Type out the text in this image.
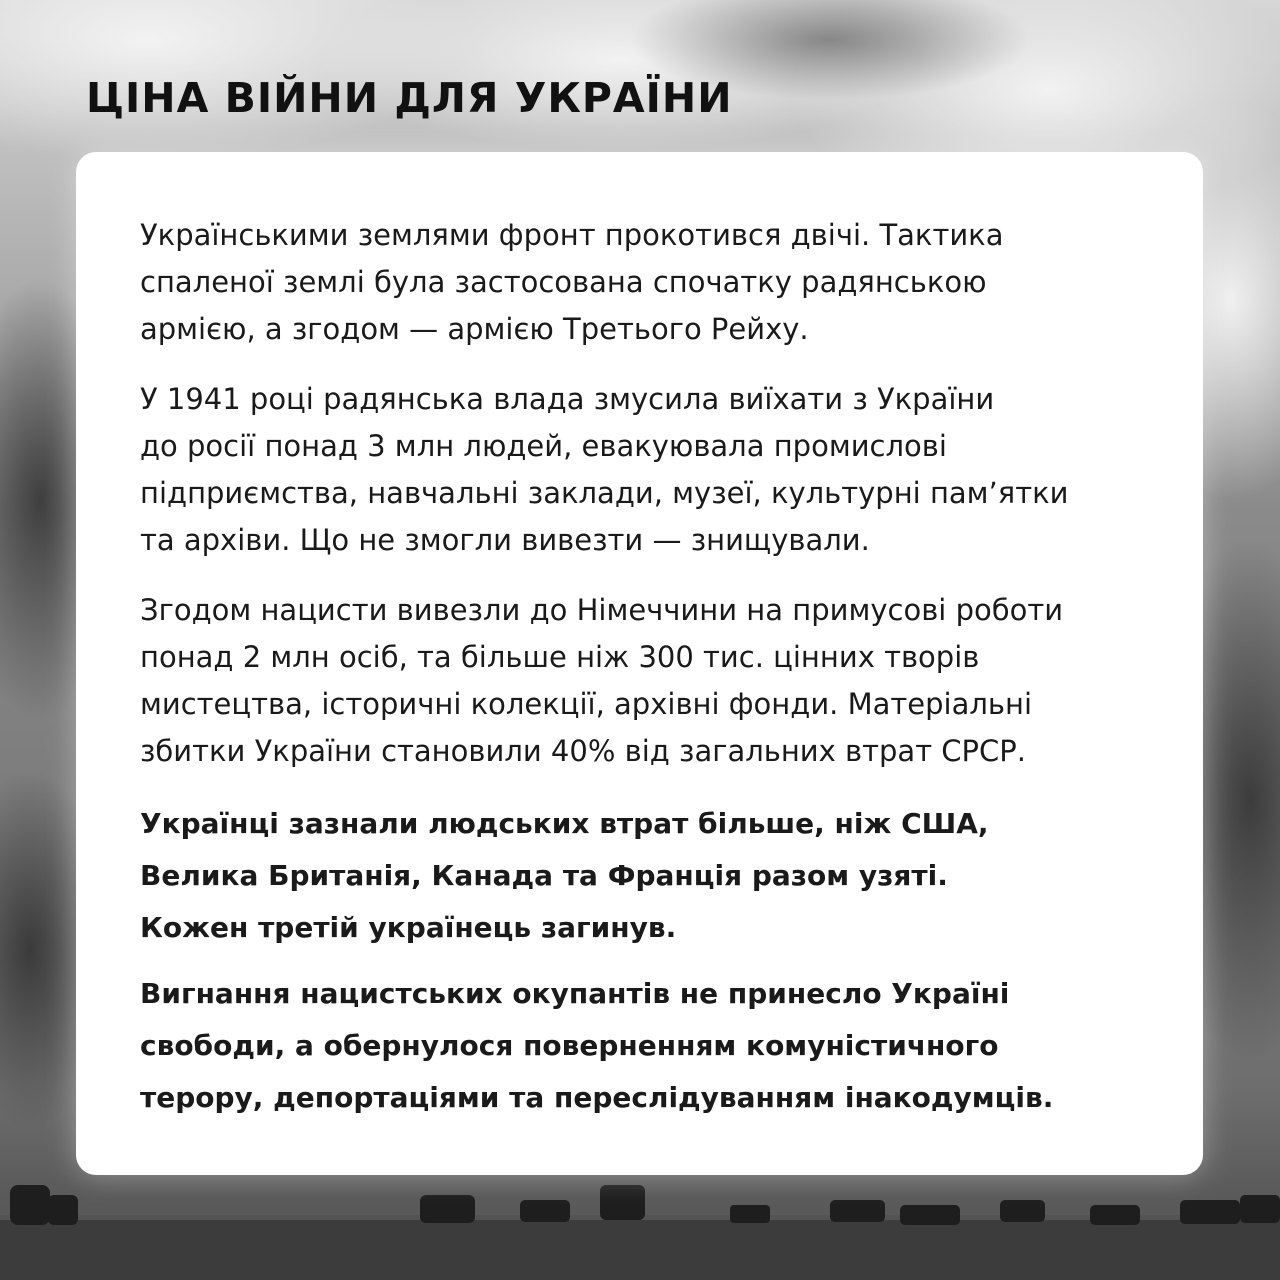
ЦІНА ВІЙНИ ДЛЯ УКРАЇНИ

Українськими землями фронт прокотився двічі. Тактика
спаленої землі була застосована спочатку радянською
армією, а згодом — армією Третього Рейху.

У 1941 році радянська влада змусила виїхати з України
до росії понад 3 млн людей, евакуювала промислові
підприємства, навчальні заклади, музеї, культурні пам’ятки
та архіви. Що не змогли вивезти — знищували.

Згодом нацисти вивезли до Німеччини на примусові роботи
понад 2 млн осіб, та більше ніж 300 тис. цінних творів
мистецтва, історичні колекції, архівні фонди. Матеріальні
збитки України становили 40% від загальних втрат СРСР.

Українці зазнали людських втрат більше, ніж США,
Велика Британія, Канада та Франція разом узяті.
Кожен третій українець загинув.

Вигнання нацистських окупантів не принесло Україні
свободи, а обернулося поверненням комуністичного
терору, депортаціями та переслідуванням інакодумців.
